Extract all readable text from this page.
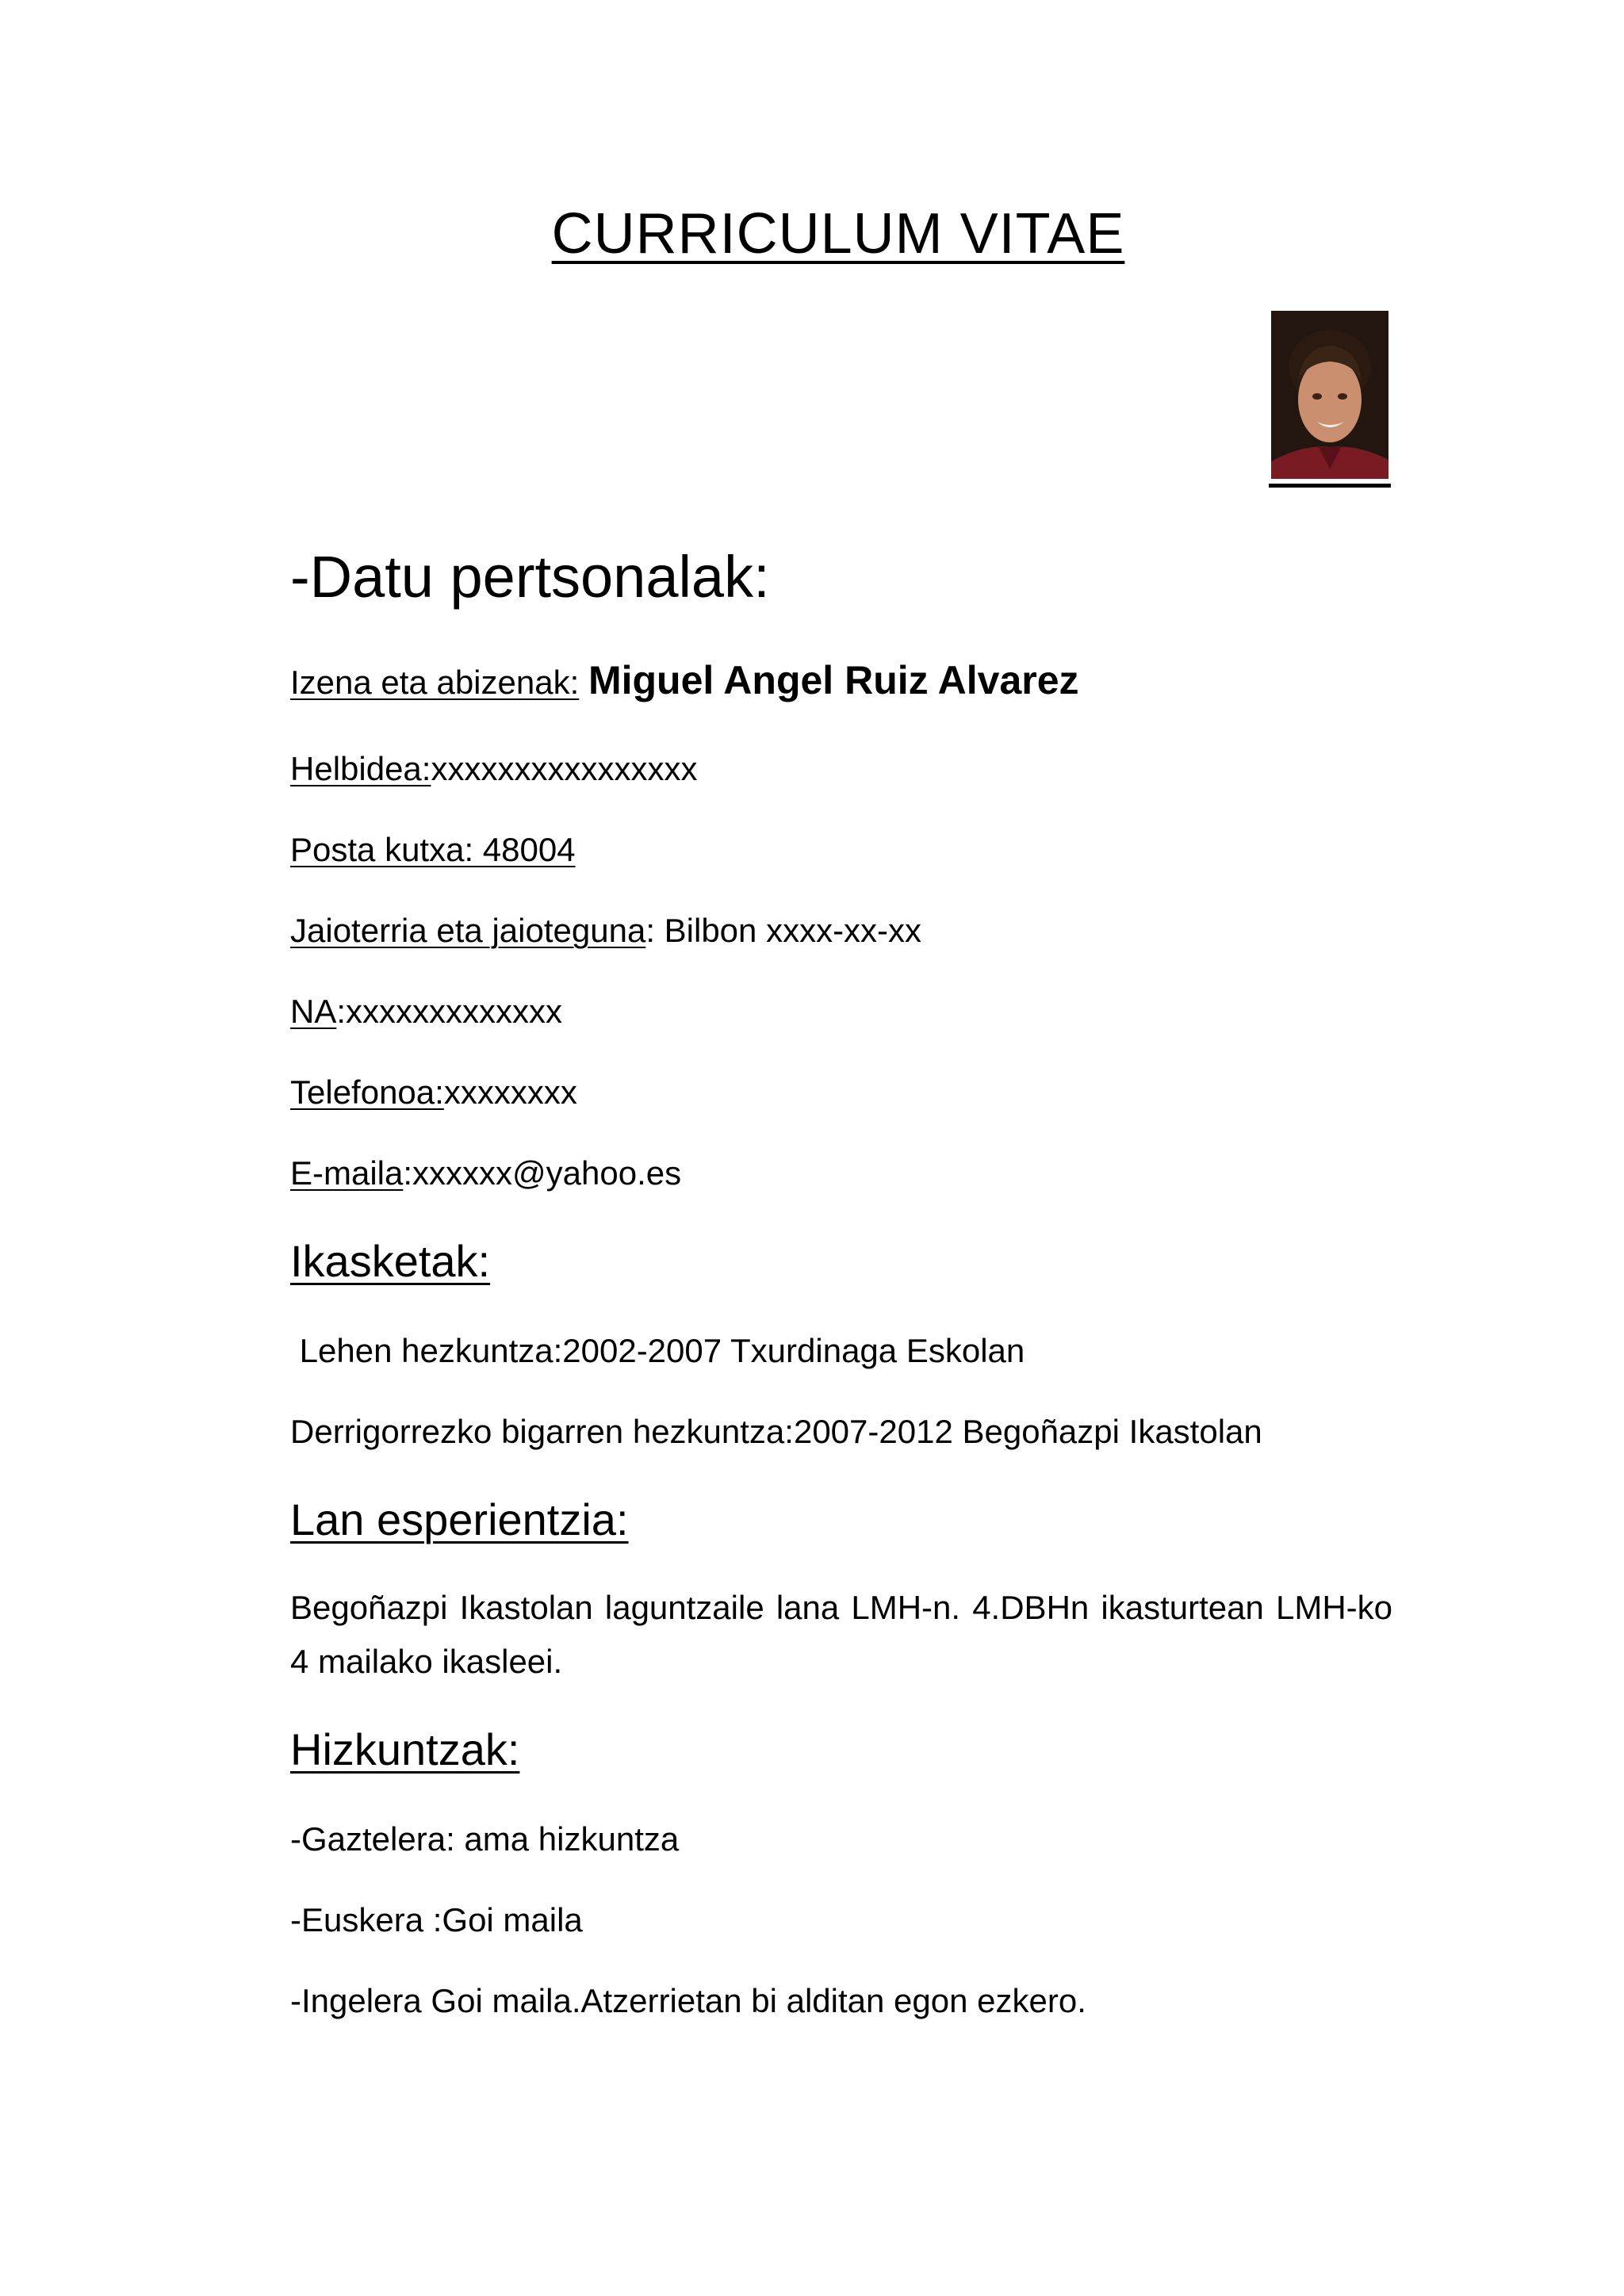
CURRICULUM VITAE
-Datu pertsonalak:
Izena eta abizenak: Miguel Angel Ruiz Alvarez
Helbidea:xxxxxxxxxxxxxxxx
Posta kutxa: 48004
Jaioterria eta jaioteguna: Bilbon xxxx-xx-xx
NA:xxxxxxxxxxxxx
Telefonoa:xxxxxxxx
E-maila:xxxxxx@yahoo.es
Ikasketak:
Lehen hezkuntza:2002-2007 Txurdinaga Eskolan
Derrigorrezko bigarren hezkuntza:2007-2012 Begoñazpi Ikastolan
Lan esperientzia:
Begoñazpi Ikastolan laguntzaile lana LMH-n. 4.DBHn ikasturtean LMH-ko 4 mailako ikasleei.
Hizkuntzak:
-Gaztelera: ama hizkuntza
-Euskera :Goi maila
-Ingelera Goi maila.Atzerrietan bi alditan egon ezkero.
